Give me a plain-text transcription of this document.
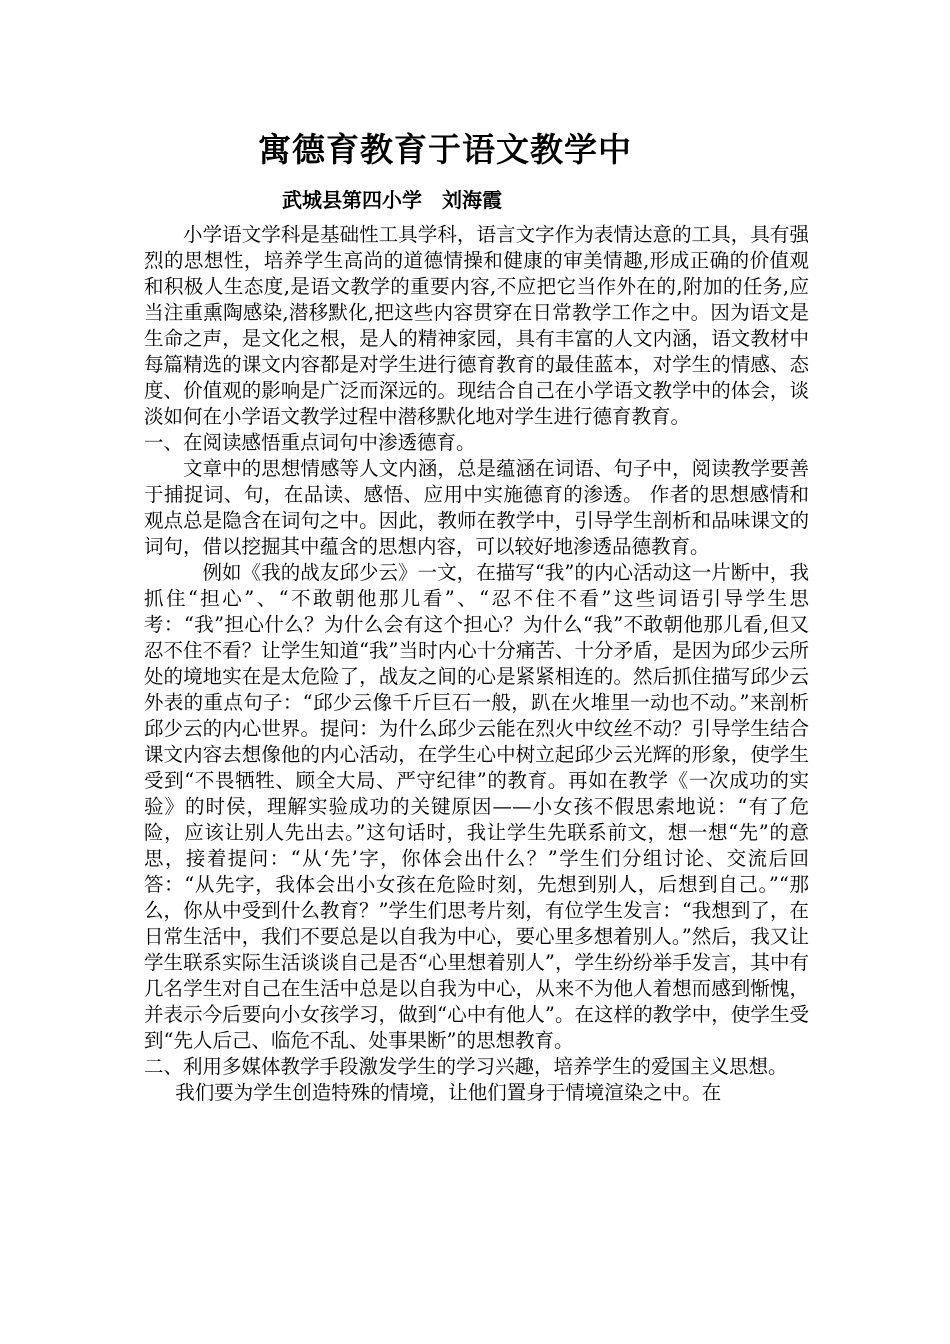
寓德育教育于语文教学中
武城县第四小学　刘海霞

小学语文学科是基础性工具学科，语言文字作为表情达意的工具，具有强烈的思想性，培养学生高尚的道德情操和健康的审美情趣,形成正确的价值观和积极人生态度,是语文教学的重要内容,不应把它当作外在的,附加的任务,应当注重熏陶感染,潜移默化,把这些内容贯穿在日常教学工作之中。因为语文是生命之声，是文化之根，是人的精神家园，具有丰富的人文内涵，语文教材中每篇精选的课文内容都是对学生进行德育教育的最佳蓝本，对学生的情感、态度、价值观的影响是广泛而深远的。现结合自己在小学语文教学中的体会，谈淡如何在小学语文教学过程中潜移默化地对学生进行德育教育。

一、在阅读感悟重点词句中渗透德育。

文章中的思想情感等人文内涵，总是蕴涵在词语、句子中，阅读教学要善于捕捉词、句，在品读、感悟、应用中实施德育的渗透。 作者的思想感情和观点总是隐含在词句之中。因此，教师在教学中，引导学生剖析和品味课文的词句，借以挖掘其中蕴含的思想内容，可以较好地渗透品德教育。

例如《我的战友邱少云》一文，在描写“我”的内心活动这一片断中，我抓住“担心”、“不敢朝他那儿看”、“忍不住不看”这些词语引导学生思考：“我”担心什么？为什么会有这个担心？为什么“我”不敢朝他那儿看,但又忍不住不看？让学生知道“我”当时内心十分痛苦、十分矛盾，是因为邱少云所处的境地实在是太危险了，战友之间的心是紧紧相连的。然后抓住描写邱少云外表的重点句子：“邱少云像千斤巨石一般，趴在火堆里一动也不动。”来剖析邱少云的内心世界。提问：为什么邱少云能在烈火中纹丝不动？引导学生结合课文内容去想像他的内心活动，在学生心中树立起邱少云光辉的形象，使学生受到“不畏牺牲、顾全大局、严守纪律”的教育。再如在教学《一次成功的实验》的时侯，理解实验成功的关键原因——小女孩不假思索地说：“有了危险，应该让别人先出去。”这句话时，我让学生先联系前文，想一想“先”的意思，接着提问：“从‘先’字，你体会出什么？”学生们分组讨论、交流后回答：“从先字，我体会出小女孩在危险时刻，先想到别人，后想到自己。”“那么，你从中受到什么教育？”学生们思考片刻，有位学生发言：“我想到了，在日常生活中，我们不要总是以自我为中心，要心里多想着别人。”然后，我又让学生联系实际生活谈谈自己是否“心里想着别人”，学生纷纷举手发言，其中有几名学生对自己在生活中总是以自我为中心，从来不为他人着想而感到惭愧，并表示今后要向小女孩学习，做到“心中有他人”。在这样的教学中，使学生受到“先人后己、临危不乱、处事果断”的思想教育。

二、利用多媒体教学手段激发学生的学习兴趣，培养学生的爱国主义思想。

我们要为学生创造特殊的情境，让他们置身于情境渲染之中。在
